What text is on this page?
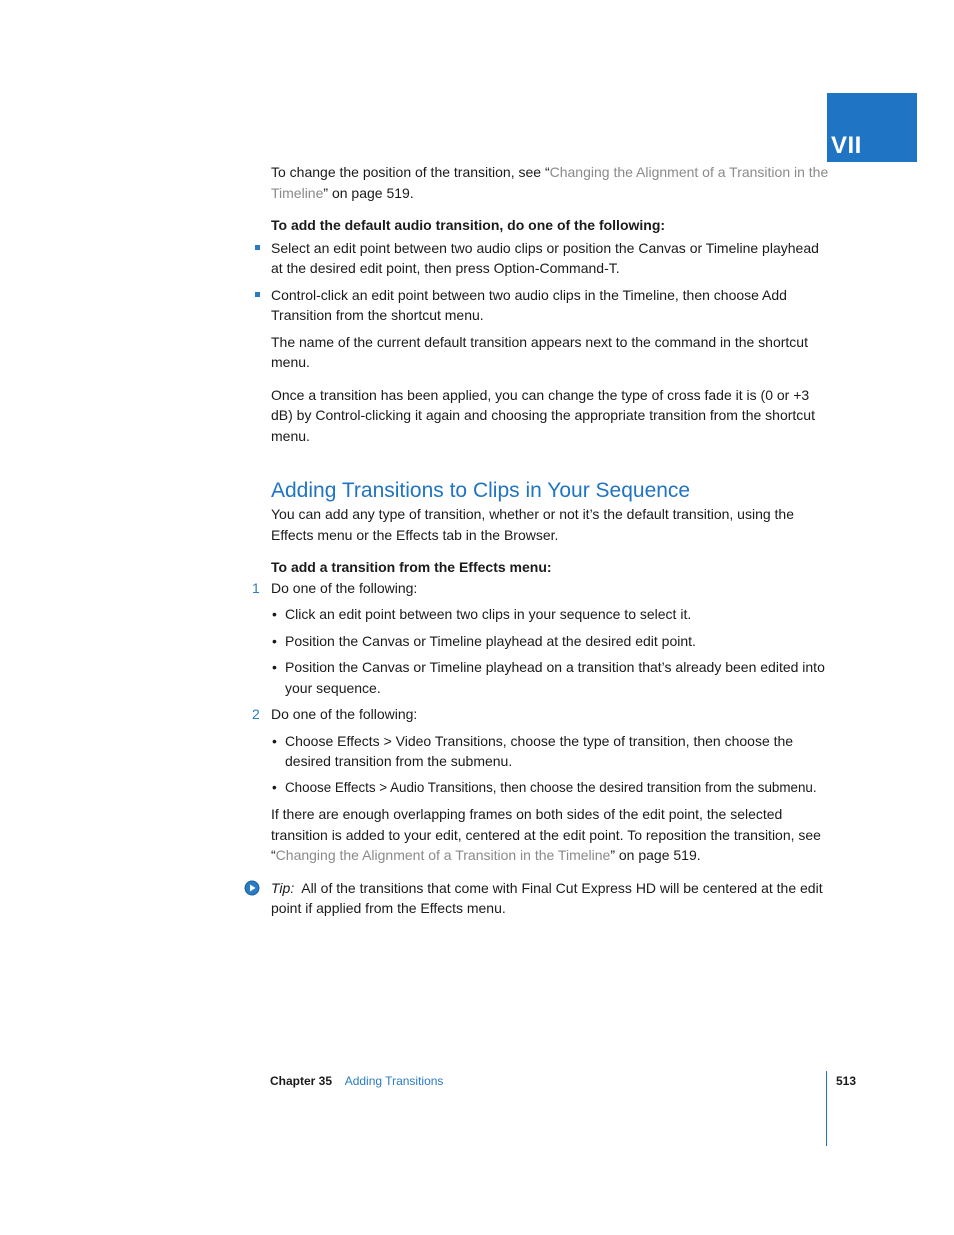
VII

To change the position of the transition, see “Changing the Alignment of a Transition in the Timeline” on page 519.

To add the default audio transition, do one of the following:

Select an edit point between two audio clips or position the Canvas or Timeline playhead at the desired edit point, then press Option-Command-T.
Control-click an edit point between two audio clips in the Timeline, then choose Add Transition from the shortcut menu.

The name of the current default transition appears next to the command in the shortcut menu.

Once a transition has been applied, you can change the type of cross fade it is (0 or +3 dB) by Control-clicking it again and choosing the appropriate transition from the shortcut menu.

Adding Transitions to Clips in Your Sequence

You can add any type of transition, whether or not it’s the default transition, using the Effects menu or the Effects tab in the Browser.

To add a transition from the Effects menu:

1 Do one of the following:
• Click an edit point between two clips in your sequence to select it.
• Position the Canvas or Timeline playhead at the desired edit point.
• Position the Canvas or Timeline playhead on a transition that’s already been edited into your sequence.
2 Do one of the following:
• Choose Effects > Video Transitions, choose the type of transition, then choose the desired transition from the submenu.
• Choose Effects > Audio Transitions, then choose the desired transition from the submenu.

If there are enough overlapping frames on both sides of the edit point, the selected transition is added to your edit, centered at the edit point. To reposition the transition, see “Changing the Alignment of a Transition in the Timeline” on page 519.

Tip: All of the transitions that come with Final Cut Express HD will be centered at the edit point if applied from the Effects menu.

Chapter 35 Adding Transitions	513
